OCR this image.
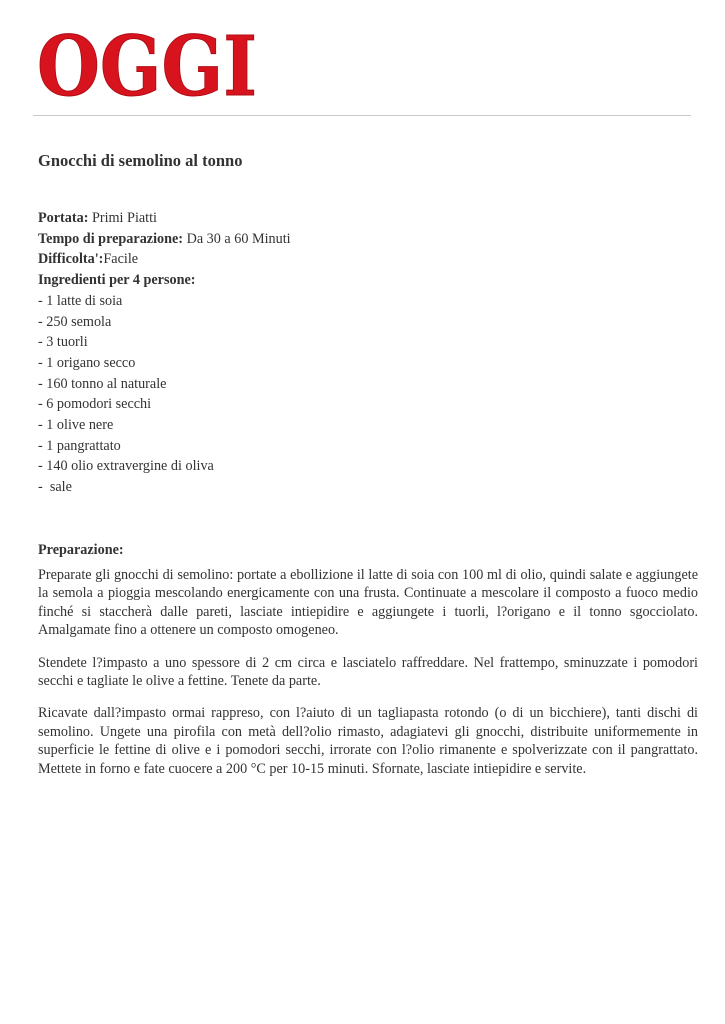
OGGI
Gnocchi di semolino al tonno
Portata: Primi Piatti
Tempo di preparazione: Da 30 a 60 Minuti
Difficolta':Facile
Ingredienti per 4 persone:
- 1 latte di soia
- 250 semola
- 3 tuorli
- 1 origano secco
- 160 tonno al naturale
- 6 pomodori secchi
- 1 olive nere
- 1 pangrattato
- 140 olio extravergine di oliva
-  sale
Preparazione:

Preparate gli gnocchi di semolino: portate a ebollizione il latte di soia con 100 ml di olio, quindi salate e aggiungete la semola a pioggia mescolando energicamente con una frusta. Continuate a mescolare il composto a fuoco medio finché si staccherà dalle pareti, lasciate intiepidire e aggiungete i tuorli, l?origano e il tonno sgocciolato. Amalgamate fino a ottenere un composto omogeneo.

Stendete l?impasto a uno spessore di 2 cm circa e lasciatelo raffreddare. Nel frattempo, sminuzzate i pomodori secchi e tagliate le olive a fettine. Tenete da parte.

Ricavate dall?impasto ormai rappreso, con l?aiuto di un tagliapasta rotondo (o di un bicchiere), tanti dischi di semolino. Ungete una pirofila con metà dell?olio rimasto, adagiatevi gli gnocchi, distribuite uniformemente in superficie le fettine di olive e i pomodori secchi, irrorate con l?olio rimanente e spolverizzate con il pangrattato. Mettete in forno e fate cuocere a 200 °C per 10-15 minuti. Sfornate, lasciate intiepidire e servite.
